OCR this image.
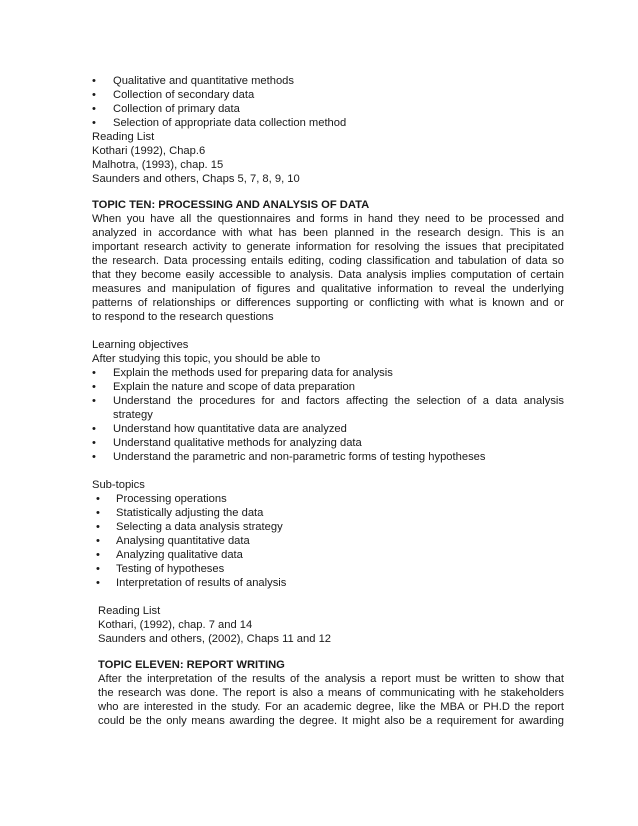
• Qualitative and quantitative methods
• Collection of secondary data
• Collection of primary data
• Selection of appropriate data collection method
Reading List
Kothari (1992), Chap.6
Malhotra, (1993), chap. 15
Saunders and others, Chaps 5, 7, 8, 9, 10
TOPIC TEN: PROCESSING AND ANALYSIS OF DATA
When you have all the questionnaires and forms in hand they need to be processed and
analyzed in accordance with what has been planned in the research design. This is an
important research activity to generate information for resolving the issues that precipitated
the research. Data processing entails editing, coding classification and tabulation of data so
that they become easily accessible to analysis. Data analysis implies computation of certain
measures and manipulation of figures and qualitative information to reveal the underlying
patterns of relationships or differences supporting or conflicting with what is known and or
to respond to the research questions
Learning objectives
After studying this topic, you should be able to
• Explain the methods used for preparing data for analysis
• Explain the nature and scope of data preparation
• Understand the procedures for and factors affecting the selection of a data analysis
strategy
• Understand how quantitative data are analyzed
• Understand qualitative methods for analyzing data
• Understand the parametric and non-parametric forms of testing hypotheses
Sub-topics
• Processing operations
• Statistically adjusting the data
• Selecting a data analysis strategy
• Analysing quantitative data
• Analyzing qualitative data
• Testing of hypotheses
• Interpretation of results of analysis
Reading List
Kothari, (1992), chap. 7 and 14
Saunders and others, (2002), Chaps 11 and 12
TOPIC ELEVEN: REPORT WRITING
After the interpretation of the results of the analysis a report must be written to show that
the research was done. The report is also a means of communicating with he stakeholders
who are interested in the study. For an academic degree, like the MBA or PH.D the report
could be the only means awarding the degree. It might also be a requirement for awarding
